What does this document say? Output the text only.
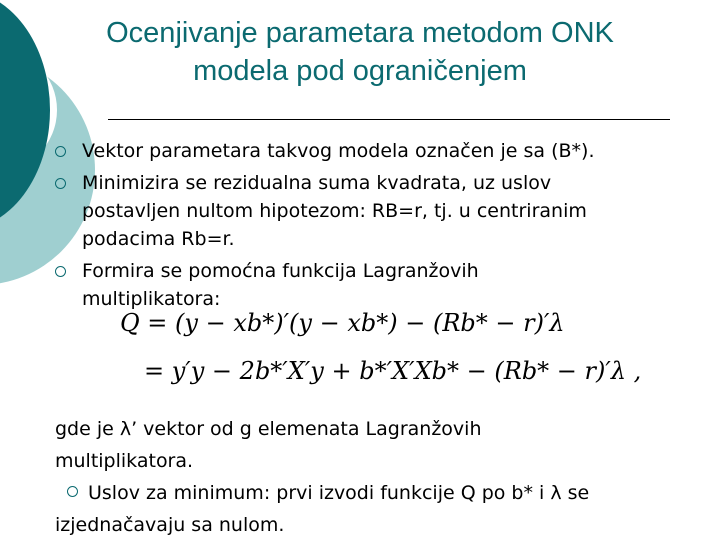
Ocenjivanje parametara metodom ONK
modela pod ograničenjem
Vektor parametara takvog modela označen je sa (B*).
Minimizira se rezidualna suma kvadrata, uz uslov
postavljen nultom hipotezom: RB=r, tj. u centriranim
podacima Rb=r.
Formira se pomoćna funkcija Lagranžovih
multiplikatora:
Q = (y − xb*)′(y − xb*) − (Rb* − r)′λ
= y′y − 2b*′X′y + b*′X′Xb* − (Rb* − r)′λ ,
gde je λ’ vektor od g elemenata Lagranžovih
multiplikatora.
Uslov za minimum: prvi izvodi funkcije Q po b* i λ se
izjednačavaju sa nulom.
